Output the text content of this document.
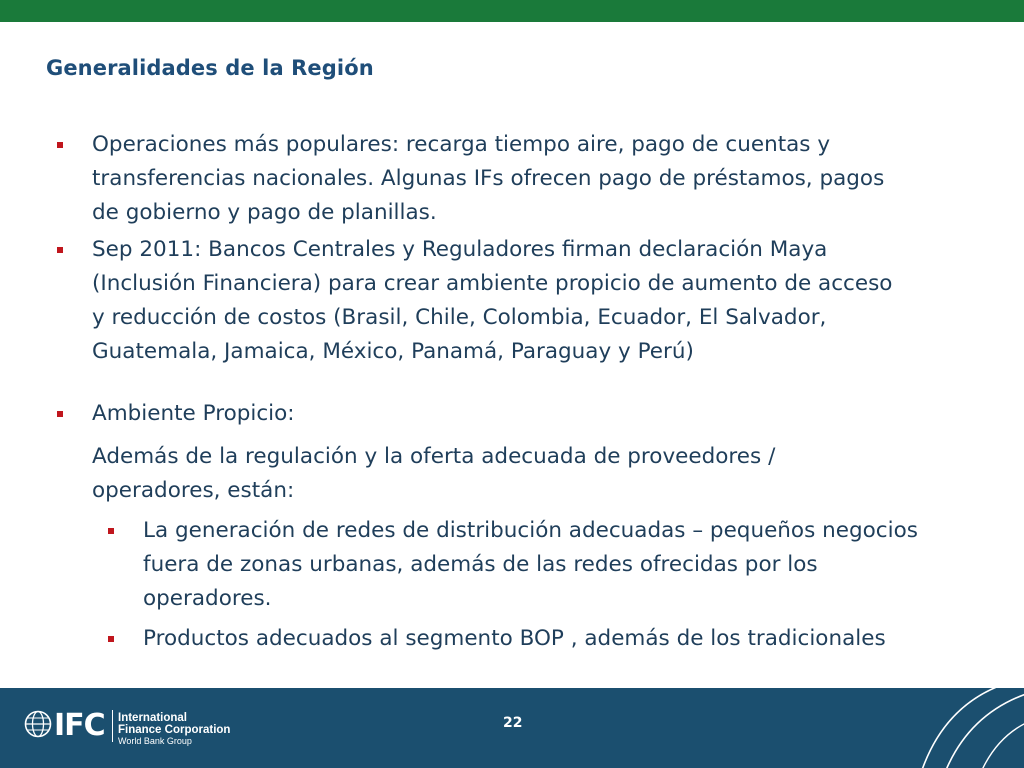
Generalidades de la Región
Operaciones más populares: recarga tiempo aire, pago de cuentas y
transferencias nacionales. Algunas IFs ofrecen pago de préstamos, pagos
de gobierno y pago de planillas.
Sep 2011: Bancos Centrales y Reguladores firman declaración Maya
(Inclusión Financiera) para crear ambiente propicio de aumento de acceso
y reducción de costos (Brasil, Chile, Colombia, Ecuador, El Salvador,
Guatemala, Jamaica, México, Panamá, Paraguay y Perú)
Ambiente Propicio:
Además de la regulación y la oferta adecuada de proveedores /
operadores, están:
La generación de redes de distribución adecuadas – pequeños negocios
fuera de zonas urbanas, además de las redes ofrecidas por los
operadores.
Productos adecuados al segmento BOP , además de los tradicionales
IFC International
Finance Corporation
World Bank Group
22
